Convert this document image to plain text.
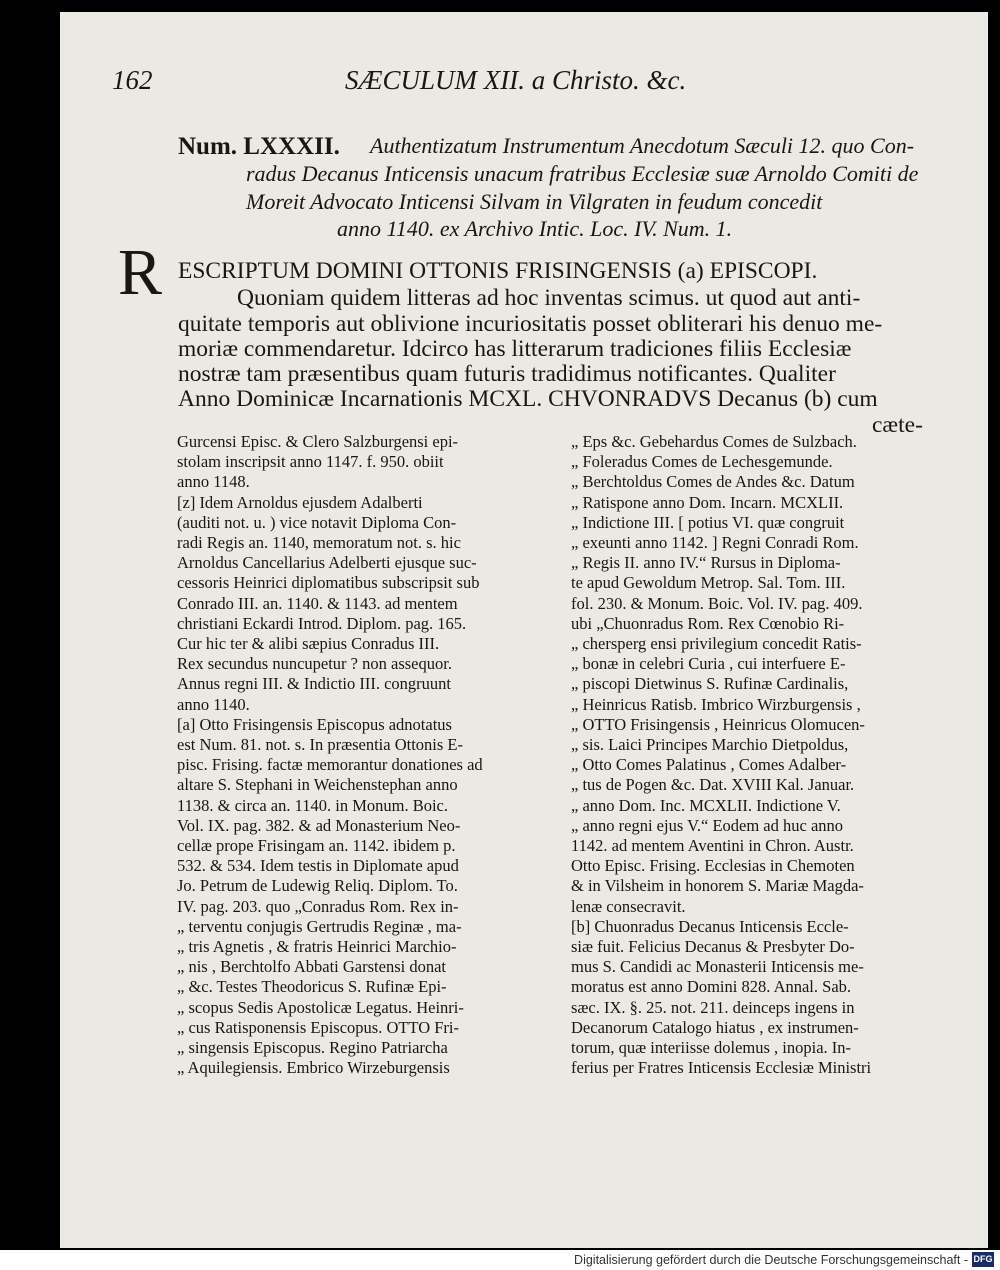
162	SÆCULUM XII. a Christo. &c.
Num. LXXXII. Authentizatum Instrumentum Anecdotum Sæculi 12. quo Con-
radus Decanus Inticensis unacum fratribus Ecclesiæ suæ Arnoldo Comiti de
Moreit Advocato Inticensi Silvam in Vilgraten in feudum concedit
anno 1140. ex Archivo Intic. Loc. IV. Num. 1.
R ESCRIPTUM DOMINI OTTONIS FRISINGENSIS (a) EPISCOPI.
Quoniam quidem litteras ad hoc inventas scimus. ut quod aut anti-
quitate temporis aut oblivione incuriositatis posset obliterari his denuo me-
moriæ commendaretur. Idcirco has litterarum tradiciones filiis Ecclesiæ
nostræ tam præsentibus quam futuris tradidimus notificantes. Qualiter
Anno Dominicæ Incarnationis MCXL. CHVONRADVS Decanus (b) cum
cæte-
Gurcensi Episc. & Clero Salzburgensi epi-
stolam inscripsit anno 1147. f. 950. obiit
anno 1148.
[z] Idem Arnoldus ejusdem Adalberti
(auditi not. u. ) vice notavit Diploma Con-
radi Regis an. 1140, memoratum not. s. hic
Arnoldus Cancellarius Adelberti ejusque suc-
cessoris Heinrici diplomatibus subscripsit sub
Conrado III. an. 1140. & 1143. ad mentem
christiani Eckardi Introd. Diplom. pag. 165.
Cur hic ter & alibi sæpius Conradus III.
Rex secundus nuncupetur ? non assequor.
Annus regni III. & Indictio III. congruunt
anno 1140.
[a] Otto Frisingensis Episcopus adnotatus
est Num. 81. not. s. In præsentia Ottonis E-
pisc. Frising. factæ memorantur donationes ad
altare S. Stephani in Weichenstephan anno
1138. & circa an. 1140. in Monum. Boic.
Vol. IX. pag. 382. & ad Monasterium Neo-
cellæ prope Frisingam an. 1142. ibidem p.
532. & 534. Idem testis in Diplomate apud
Jo. Petrum de Ludewig Reliq. Diplom. To.
IV. pag. 203. quo „Conradus Rom. Rex in-
„ terventu conjugis Gertrudis Reginæ , ma-
„ tris Agnetis , & fratris Heinrici Marchio-
„ nis , Berchtolfo Abbati Garstensi donat
„ &c. Testes Theodoricus S. Rufinæ Epi-
„ scopus Sedis Apostolicæ Legatus. Heinri-
„ cus Ratisponensis Episcopus. OTTO Fri-
„ singensis Episcopus. Regino Patriarcha
„ Aquilegiensis. Embrico Wirzeburgensis
„ Eps &c. Gebehardus Comes de Sulzbach.
„ Foleradus Comes de Lechesgemunde.
„ Berchtoldus Comes de Andes &c. Datum
„ Ratispone anno Dom. Incarn. MCXLII.
„ Indictione III. [ potius VI. quæ congruit
„ exeunti anno 1142. ] Regni Conradi Rom.
„ Regis II. anno IV.“ Rursus in Diploma-
te apud Gewoldum Metrop. Sal. Tom. III.
fol. 230. & Monum. Boic. Vol. IV. pag. 409.
ubi „Chuonradus Rom. Rex Cœnobio Ri-
„ chersperg ensi privilegium concedit Ratis-
„ bonæ in celebri Curia , cui interfuere E-
„ piscopi Dietwinus S. Rufinæ Cardinalis,
„ Heinricus Ratisb. Imbrico Wirzburgensis ,
„ OTTO Frisingensis , Heinricus Olomucen-
„ sis. Laici Principes Marchio Dietpoldus,
„ Otto Comes Palatinus , Comes Adalber-
„ tus de Pogen &c. Dat. XVIII Kal. Januar.
„ anno Dom. Inc. MCXLII. Indictione V.
„ anno regni ejus V.“ Eodem ad huc anno
1142. ad mentem Aventini in Chron. Austr.
Otto Episc. Frising. Ecclesias in Chemoten
& in Vilsheim in honorem S. Mariæ Magda-
lenæ consecravit.
[b] Chuonradus Decanus Inticensis Eccle-
siæ fuit. Felicius Decanus & Presbyter Do-
mus S. Candidi ac Monasterii Inticensis me-
moratus est anno Domini 828. Annal. Sab.
sæc. IX. §. 25. not. 211. deinceps ingens in
Decanorum Catalogo hiatus , ex instrumen-
torum, quæ interiisse dolemus , inopia. In-
ferius per Fratres Inticensis Ecclesiæ Ministri
Digitalisierung gefördert durch die Deutsche Forschungsgemeinschaft - DFG
